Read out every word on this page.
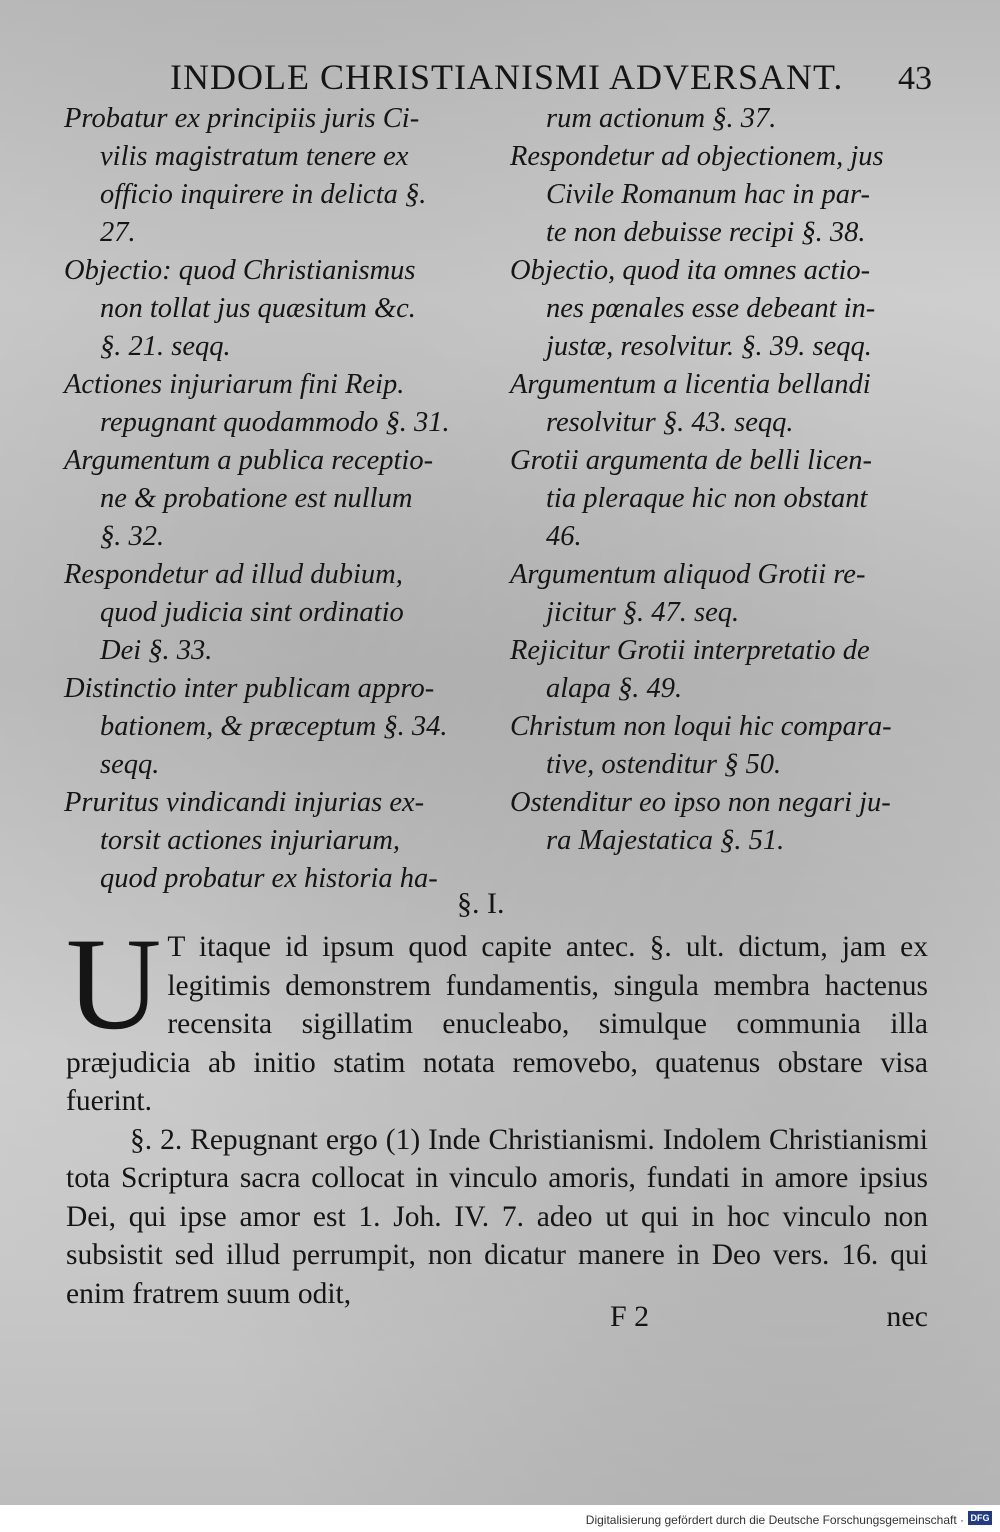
INDOLE CHRISTIANISMI ADVERSANT. 43

Probatur ex principiis juris Ci-
vilis magistratum tenere ex
officio inquirere in delicta §.
27.

Objectio: quod Christianismus
non tollat jus quæsitum &c.
§. 21. seqq.

Actiones injuriarum fini Reip.
repugnant quodammodo §. 31.

Argumentum a publica receptio-
ne & probatione est nullum
§. 32.

Respondetur ad illud dubium,
quod judicia sint ordinatio
Dei §. 33.

Distinctio inter publicam appro-
bationem, & præceptum §. 34.
seqq.

Pruritus vindicandi injurias ex-
torsit actiones injuriarum,
quod probatur ex historia ha-

rum actionum §. 37.

Respondetur ad objectionem, jus
Civile Romanum hac in par-
te non debuisse recipi §. 38.

Objectio, quod ita omnes actio-
nes pœnales esse debeant in-
justæ, resolvitur. §. 39. seqq.

Argumentum a licentia bellandi
resolvitur §. 43. seqq.

Grotii argumenta de belli licen-
tia pleraque hic non obstant
46.

Argumentum aliquod Grotii re-
jicitur §. 47. seq.

Rejicitur Grotii interpretatio de
alapa §. 49.

Christum non loqui hic compara-
tive, ostenditur § 50.

Ostenditur eo ipso non negari ju-
ra Majestatica §. 51.

§. I.
U T itaque id ipsum quod capite antec. §. ult. dictum, jam ex legitimis demonstrem fundamentis, singula membra hactenus recensita sigillatim enucleabo, simulque communia illa præjudicia ab initio statim notata removebo, quatenus obstare visa fuerint.

§. 2. Repugnant ergo (1) Inde Christianismi. Indolem Christianismi tota Scriptura sacra collocat in vinculo amoris, fundati in amore ipsius Dei, qui ipse amor est 1. Joh. IV. 7. adeo ut qui in hoc vinculo non subsistit sed illud perrumpit, non dicatur manere in Deo vers. 16. qui enim fratrem suum odit,

F 2	nec
Digitalisierung gefördert durch die Deutsche Forschungsgemeinschaft · DFG
